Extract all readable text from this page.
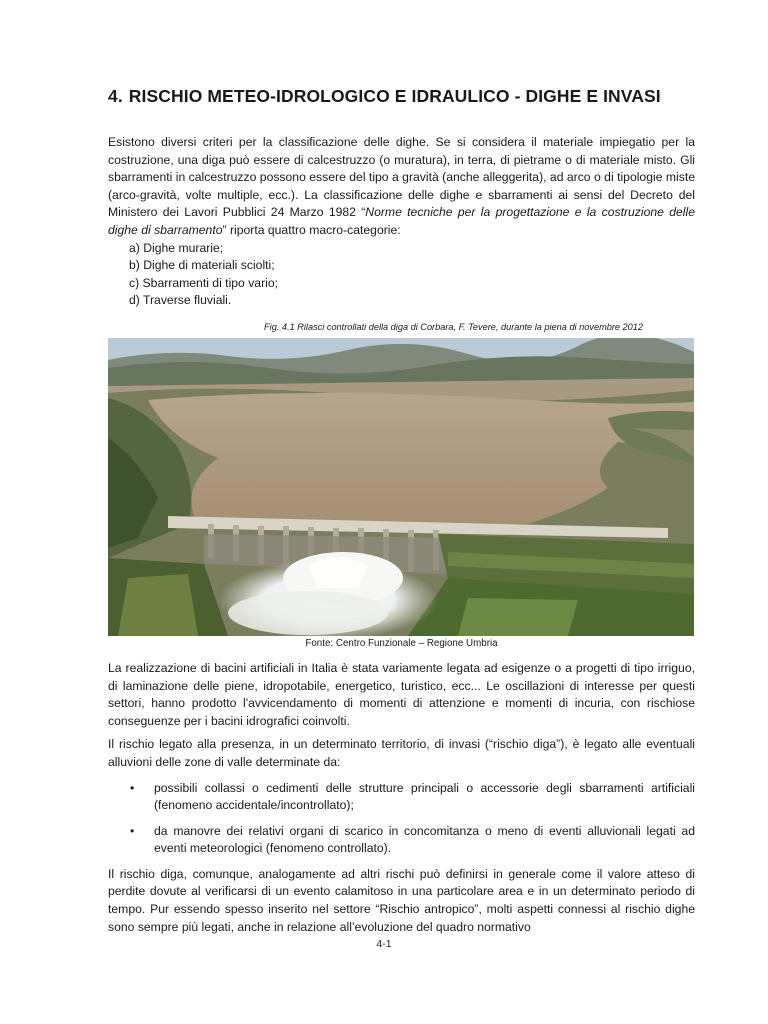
4. RISCHIO METEO-IDROLOGICO E IDRAULICO - DIGHE E INVASI

Esistono diversi criteri per la classificazione delle dighe. Se si considera il materiale impiegatio per la costruzione, una diga può essere di calcestruzzo (o muratura), in terra, di pietrame o di materiale misto. Gli sbarramenti in calcestruzzo possono essere del tipo a gravità (anche alleggerita), ad arco o di tipologie miste (arco-gravità, volte multiple, ecc.). La classificazione delle dighe e sbarramenti ai sensi del Decreto del Ministero dei Lavori Pubblici 24 Marzo 1982 “Norme tecniche per la progettazione e la costruzione delle dighe di sbarramento” riporta quattro macro-categorie:

a) Dighe murarie;
b) Dighe di materiali sciolti;
c) Sbarramenti di tipo vario;
d) Traverse fluviali.
Fig. 4.1 Rilasci controllati della diga di Corbara, F. Tevere, durante la piena di novembre 2012
Fonte: Centro Funzionale – Regione Umbria

La realizzazione di bacini artificiali in Italia è stata variamente legata ad esigenze o a progetti di tipo irriguo, di laminazione delle piene, idropotabile, energetico, turistico, ecc... Le oscillazioni di interesse per questi settori, hanno prodotto l'avvicendamento di momenti di attenzione e momenti di incuria, con rischiose conseguenze per i bacini idrografici coinvolti.

Il rischio legato alla presenza, in un determinato territorio, di invasi (“rischio diga”), è legato alle eventuali alluvioni delle zone di valle determinate da:

• possibili collassi o cedimenti delle strutture principali o accessorie degli sbarramenti artificiali (fenomeno accidentale/incontrollato);
• da manovre dei relativi organi di scarico in concomitanza o meno di eventi alluvionali legati ad eventi meteorologici (fenomeno controllato).

Il rischio diga, comunque, analogamente ad altri rischi può definirsi in generale come il valore atteso di perdite dovute al verificarsi di un evento calamitoso in una particolare area e in un determinato periodo di tempo. Pur essendo spesso inserito nel settore “Rischio antropico”, molti aspetti connessi al rischio dighe sono sempre più legati, anche in relazione all’evoluzione del quadro normativo

4-1
